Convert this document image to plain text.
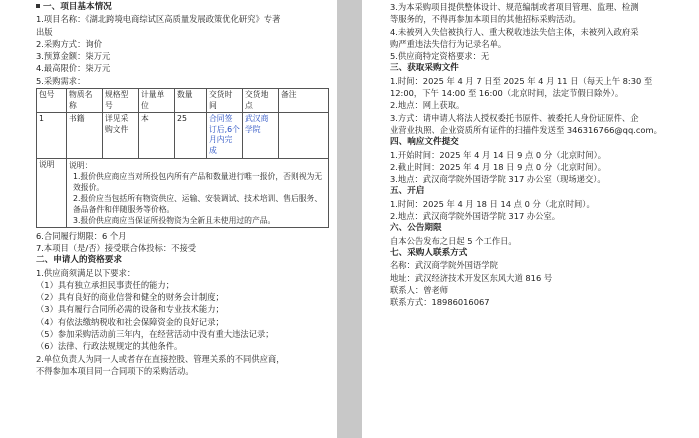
一、项目基本情况
1.项目名称：《湖北跨境电商综试区高质量发展政策优化研究》专著
出版
2.采购方式：询价
3.预算金额：柒万元
4.最高限价：柒万元
5.采购需求：
包号	物质名称	规格型号	计量单位	数量	交货时间	交货地点	备注
1	书籍	详见采购文件	本	25	合同签订后,6个月内完成	武汉商学院	
说明	说明：
1.报价供应商应当对所投包内所有产品和数量进行唯一报价，否则视为无效报价。
2.报价应当包括所有物资供应、运输、安装调试、技术培训、售后服务、备品备件和伴随服务等价格。
3.报价供应商应当保证所投物资为全新且未使用过的产品。						
6.合同履行期限：6 个月
7.本项目（是/否）接受联合体投标：不接受
二、申请人的资格要求
1.供应商须满足以下要求：
（1）具有独立承担民事责任的能力；
（2）具有良好的商业信誉和健全的财务会计制度；
（3）具有履行合同所必需的设备和专业技术能力；
（4）有依法缴纳税收和社会保障资金的良好记录；
（5）参加采购活动前三年内，在经营活动中没有重大违法记录；
（6）法律、行政法规规定的其他条件。
2.单位负责人为同一人或者存在直接控股、管理关系的不同供应商，
不得参加本项目同一合同项下的采购活动。
3.为本采购项目提供整体设计、规范编制或者项目管理、监理、检测
等服务的，不得再参加本项目的其他招标采购活动。
4.未被列入失信被执行人、重大税收违法失信主体，未被列入政府采
购严重违法失信行为记录名单。
5.供应商特定资格要求：无
三、获取采购文件
1.时间：2025 年 4 月 7 日至 2025 年 4 月 11 日（每天上午 8:30 至
12:00，下午 14:00 至 16:00（北京时间，法定节假日除外）。
2.地点：网上获取。
3.方式：请申请人将法人授权委托书原件、被委托人身份证原件、企
业营业执照、企业资质所有证件的扫描件发送至 346316766@qq.com。
四、响应文件提交
1.开始时间：2025 年 4 月 14 日 9 点 0 分（北京时间）。
2.截止时间：2025 年 4 月 18 日 9 点 0 分（北京时间）。
3.地点：武汉商学院外国语学院 317 办公室（现场递交）。
五、开启
1.时间：2025 年 4 月 18 日 14 点 0 分（北京时间）。
2.地点：武汉商学院外国语学院 317 办公室。
六、公告期限
自本公告发布之日起 5 个工作日。
七、采购人联系方式
名称：武汉商学院外国语学院
地址：武汉经济技术开发区东风大道 816 号
联系人：曾老师
联系方式：18986016067
